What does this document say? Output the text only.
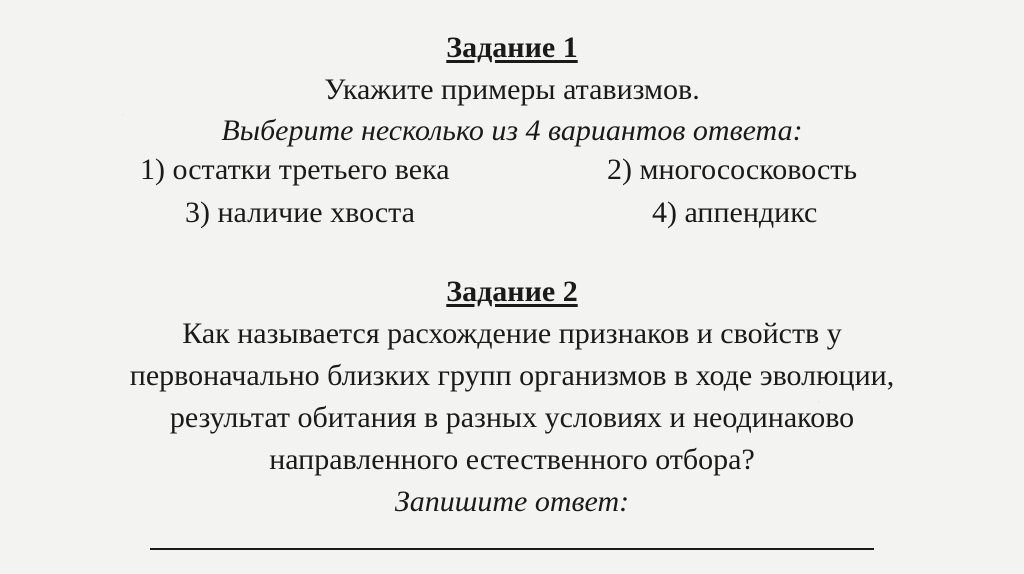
Задание 1
Укажите примеры атавизмов.
Выберите несколько из 4 вариантов ответа:
1) остатки третьего века	2) многососковость
3) наличие хвоста	4) аппендикс
Задание 2
Как называется расхождение признаков и свойств у
первоначально близких групп организмов в ходе эволюции,
результат обитания в разных условиях и неодинаково
направленного естественного отбора?
Запишите ответ:
